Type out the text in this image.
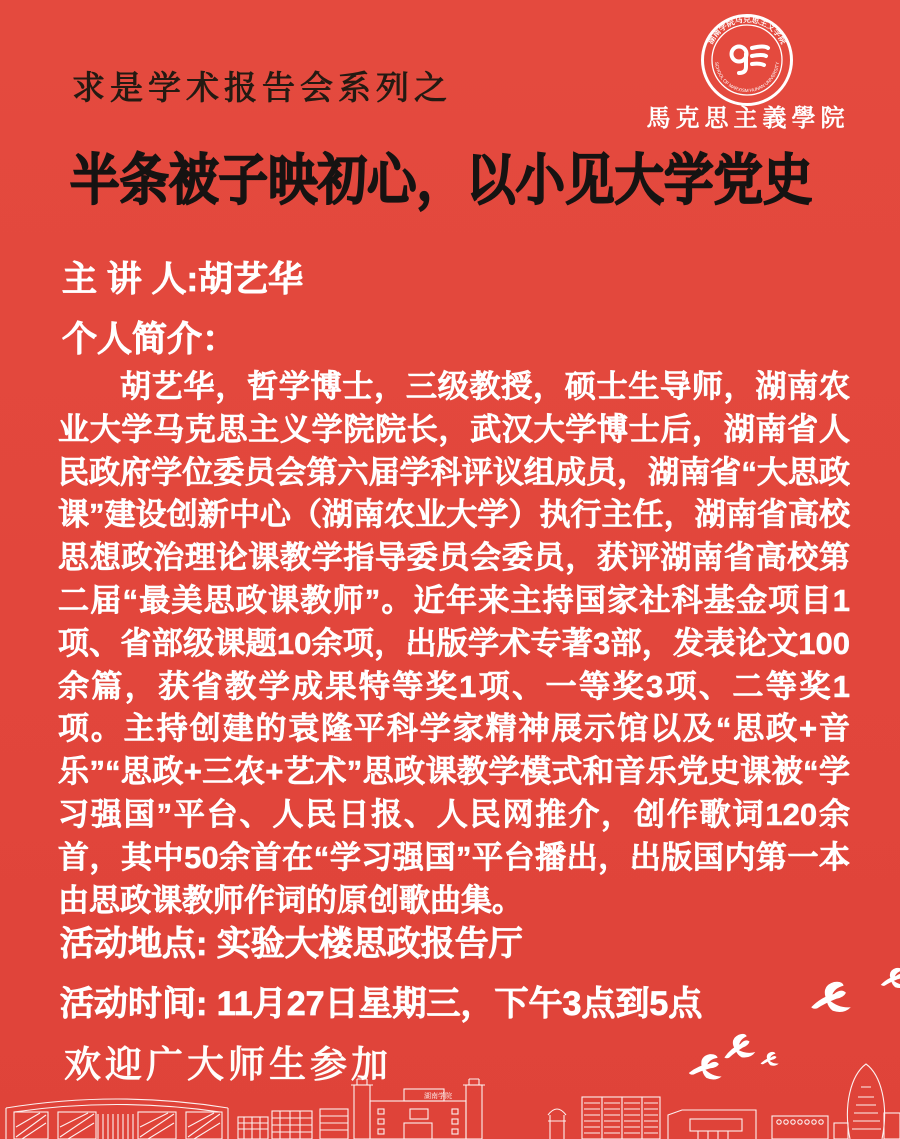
求是学术报告会系列之
湖南学院马克思主义学院
SCHOOL OF MARXISM HUNAN UNIVERSITY
馬克思主義學院
半条被子映初心，以小见大学党史
主 讲 人:胡艺华
个人简介：

胡艺华，哲学博士，三级教授，硕士生导师，湖南农业大学马克思主义学院院长，武汉大学博士后，湖南省人民政府学位委员会第六届学科评议组成员，湖南省“大思政课”建设创新中心（湖南农业大学）执行主任，湖南省高校思想政治理论课教学指导委员会委员，获评湖南省高校第二届“最美思政课教师”。近年来主持国家社科基金项目1项、省部级课题10余项，出版学术专著3部，发表论文100余篇，获省教学成果特等奖1项、一等奖3项、二等奖1项。主持创建的袁隆平科学家精神展示馆以及“思政+音乐”“思政+三农+艺术”思政课教学模式和音乐党史课被“学习强国”平台、人民日报、人民网推介，创作歌词120余首，其中50余首在“学习强国”平台播出，出版国内第一本由思政课教师作词的原创歌曲集。

活动地点: 实验大楼思政报告厅
活动时间: 11月27日星期三，下午3点到5点
欢迎广大师生参加
湖南学院
